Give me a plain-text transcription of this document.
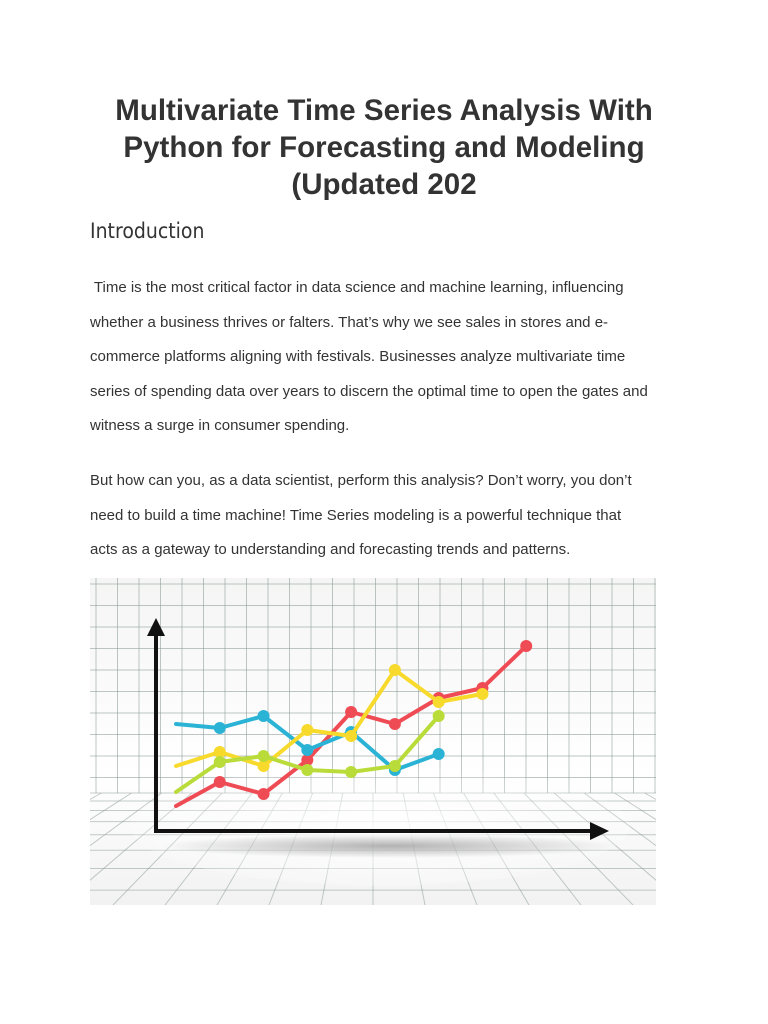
Multivariate Time Series Analysis With
Python for Forecasting and Modeling
(Updated 202
Introduction

Time is the most critical factor in data science and machine learning, influencing
whether a business thrives or falters. That’s why we see sales in stores and e-
commerce platforms aligning with festivals. Businesses analyze multivariate time
series of spending data over years to discern the optimal time to open the gates and
witness a surge in consumer spending.

But how can you, as a data scientist, perform this analysis? Don’t worry, you don’t
need to build a time machine! Time Series modeling is a powerful technique that
acts as a gateway to understanding and forecasting trends and patterns.
